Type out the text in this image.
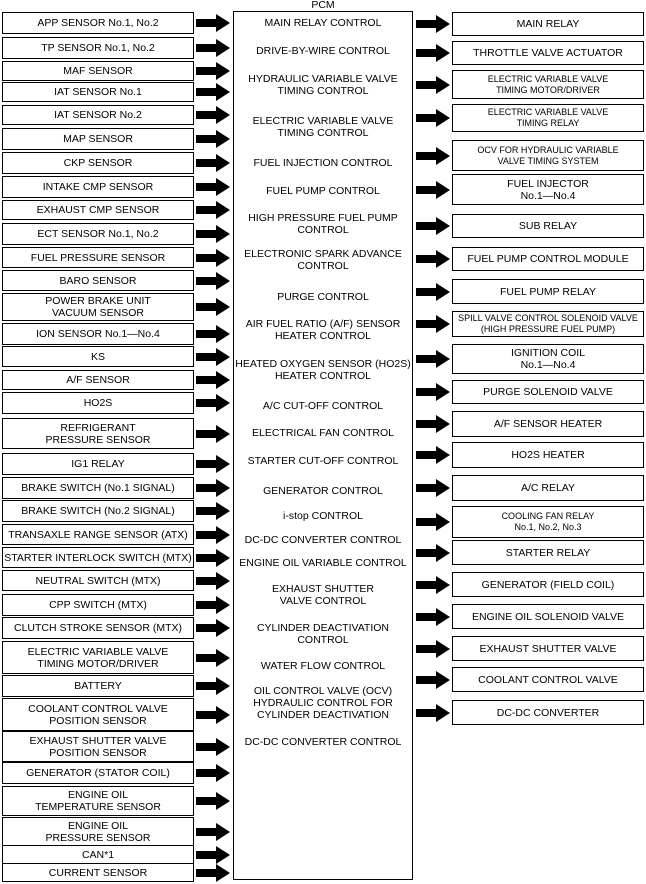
PCM
APP SENSOR No.1, No.2
TP SENSOR No.1, No.2
MAF SENSOR
IAT SENSOR No.1
IAT SENSOR No.2
MAP SENSOR
CKP SENSOR
INTAKE CMP SENSOR
EXHAUST CMP SENSOR
ECT SENSOR No.1, No.2
FUEL PRESSURE SENSOR
BARO SENSOR
POWER BRAKE UNIT
VACUUM SENSOR
ION SENSOR No.1—No.4
KS
A/F SENSOR
HO2S
REFRIGERANT
PRESSURE SENSOR
IG1 RELAY
BRAKE SWITCH (No.1 SIGNAL)
BRAKE SWITCH (No.2 SIGNAL)
TRANSAXLE RANGE SENSOR (ATX)
STARTER INTERLOCK SWITCH (MTX)
NEUTRAL SWITCH (MTX)
CPP SWITCH (MTX)
CLUTCH STROKE SENSOR (MTX)
ELECTRIC VARIABLE VALVE
TIMING MOTOR/DRIVER
BATTERY
COOLANT CONTROL VALVE
POSITION SENSOR
EXHAUST SHUTTER VALVE
POSITION SENSOR
GENERATOR (STATOR COIL)
ENGINE OIL
TEMPERATURE SENSOR
ENGINE OIL
PRESSURE SENSOR
CAN*1
CURRENT SENSOR
MAIN RELAY CONTROL
DRIVE-BY-WIRE CONTROL
HYDRAULIC VARIABLE VALVE
TIMING CONTROL
ELECTRIC VARIABLE VALVE
TIMING CONTROL
FUEL INJECTION CONTROL
FUEL PUMP CONTROL
HIGH PRESSURE FUEL PUMP
CONTROL
ELECTRONIC SPARK ADVANCE
CONTROL
PURGE CONTROL
AIR FUEL RATIO (A/F) SENSOR
HEATER CONTROL
HEATED OXYGEN SENSOR (HO2S)
HEATER CONTROL
A/C CUT-OFF CONTROL
ELECTRICAL FAN CONTROL
STARTER CUT-OFF CONTROL
GENERATOR CONTROL
i-stop CONTROL
DC-DC CONVERTER CONTROL
ENGINE OIL VARIABLE CONTROL
EXHAUST SHUTTER
VALVE CONTROL
CYLINDER DEACTIVATION
CONTROL
WATER FLOW CONTROL
OIL CONTROL VALVE (OCV)
HYDRAULIC CONTROL FOR
CYLINDER DEACTIVATION
DC-DC CONVERTER CONTROL
MAIN RELAY
THROTTLE VALVE ACTUATOR
ELECTRIC VARIABLE VALVE
TIMING MOTOR/DRIVER
ELECTRIC VARIABLE VALVE
TIMING RELAY
OCV FOR HYDRAULIC VARIABLE
VALVE TIMING SYSTEM
FUEL INJECTOR
No.1—No.4
SUB RELAY
FUEL PUMP CONTROL MODULE
FUEL PUMP RELAY
SPILL VALVE CONTROL SOLENOID VALVE
(HIGH PRESSURE FUEL PUMP)
IGNITION COIL
No.1—No.4
PURGE SOLENOID VALVE
A/F SENSOR HEATER
HO2S HEATER
A/C RELAY
COOLING FAN RELAY
No.1, No.2, No.3
STARTER RELAY
GENERATOR (FIELD COIL)
ENGINE OIL SOLENOID VALVE
EXHAUST SHUTTER VALVE
COOLANT CONTROL VALVE
DC-DC CONVERTER
